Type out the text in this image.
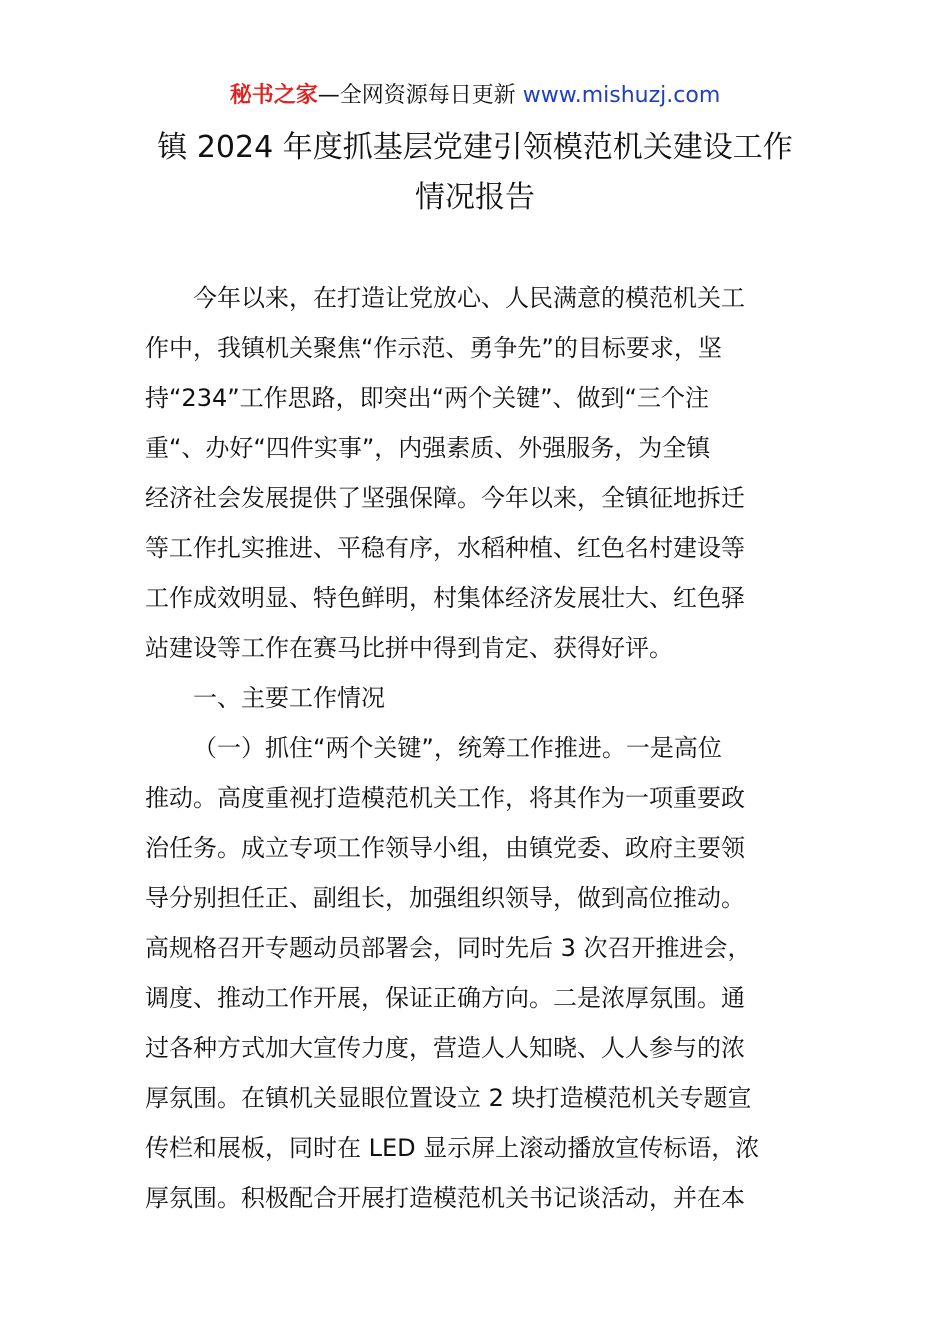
秘书之家—全网资源每日更新 www.mishuzj.com
镇 2024 年度抓基层党建引领模范机关建设工作
情况报告
今年以来，在打造让党放心、人民满意的模范机关工
作中，我镇机关聚焦“作示范、勇争先”的目标要求，坚
持“234”工作思路，即突出“两个关键”、做到“三个注
重“、办好“四件实事”，内强素质、外强服务，为全镇
经济社会发展提供了坚强保障。今年以来，全镇征地拆迁
等工作扎实推进、平稳有序，水稻种植、红色名村建设等
工作成效明显、特色鲜明，村集体经济发展壮大、红色驿
站建设等工作在赛马比拼中得到肯定、获得好评。
一、主要工作情况
（一）抓住“两个关键”，统筹工作推进。一是高位
推动。高度重视打造模范机关工作，将其作为一项重要政
治任务。成立专项工作领导小组，由镇党委、政府主要领
导分别担任正、副组长，加强组织领导，做到高位推动。
高规格召开专题动员部署会，同时先后 3 次召开推进会，
调度、推动工作开展，保证正确方向。二是浓厚氛围。通
过各种方式加大宣传力度，营造人人知晓、人人参与的浓
厚氛围。在镇机关显眼位置设立 2 块打造模范机关专题宣
传栏和展板，同时在 LED 显示屏上滚动播放宣传标语，浓
厚氛围。积极配合开展打造模范机关书记谈活动，并在本
